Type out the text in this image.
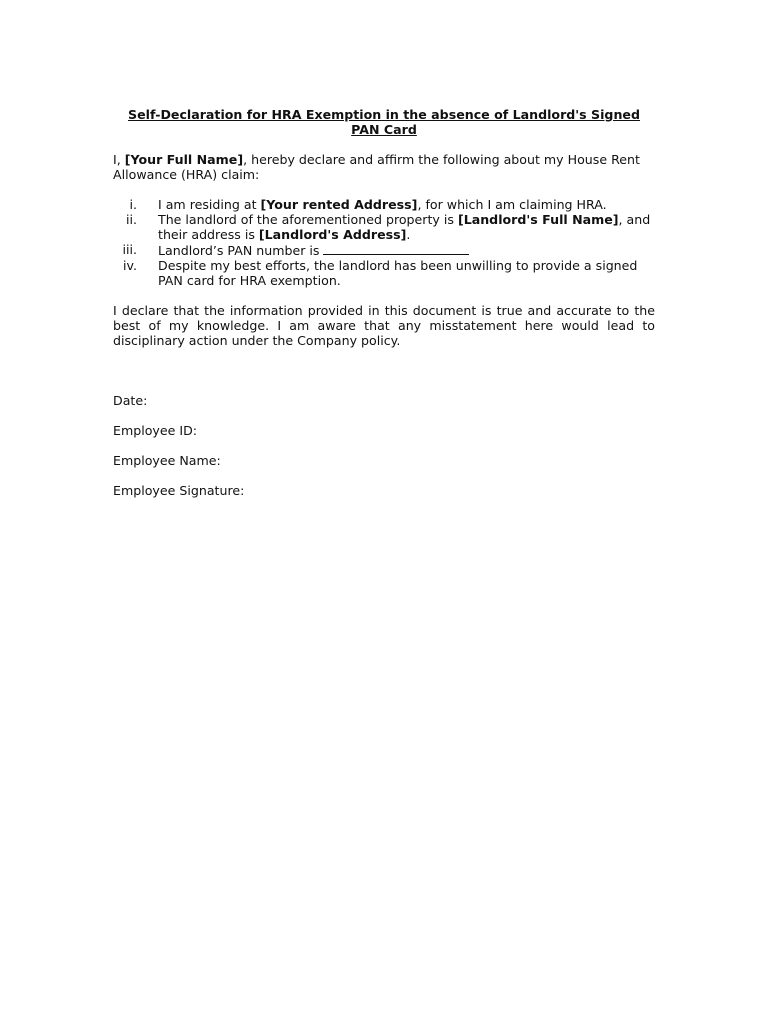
Self-Declaration for HRA Exemption in the absence of Landlord's Signed PAN Card
I, [Your Full Name], hereby declare and affirm the following about my House Rent Allowance (HRA) claim:
i. I am residing at [Your rented Address], for which I am claiming HRA.
ii. The landlord of the aforementioned property is [Landlord's Full Name], and their address is [Landlord's Address].
iii. Landlord’s PAN number is
iv. Despite my best efforts, the landlord has been unwilling to provide a signed PAN card for HRA exemption.
I declare that the information provided in this document is true and accurate to the best of my knowledge. I am aware that any misstatement here would lead to disciplinary action under the Company policy.
Date:
Employee ID:
Employee Name:
Employee Signature:
